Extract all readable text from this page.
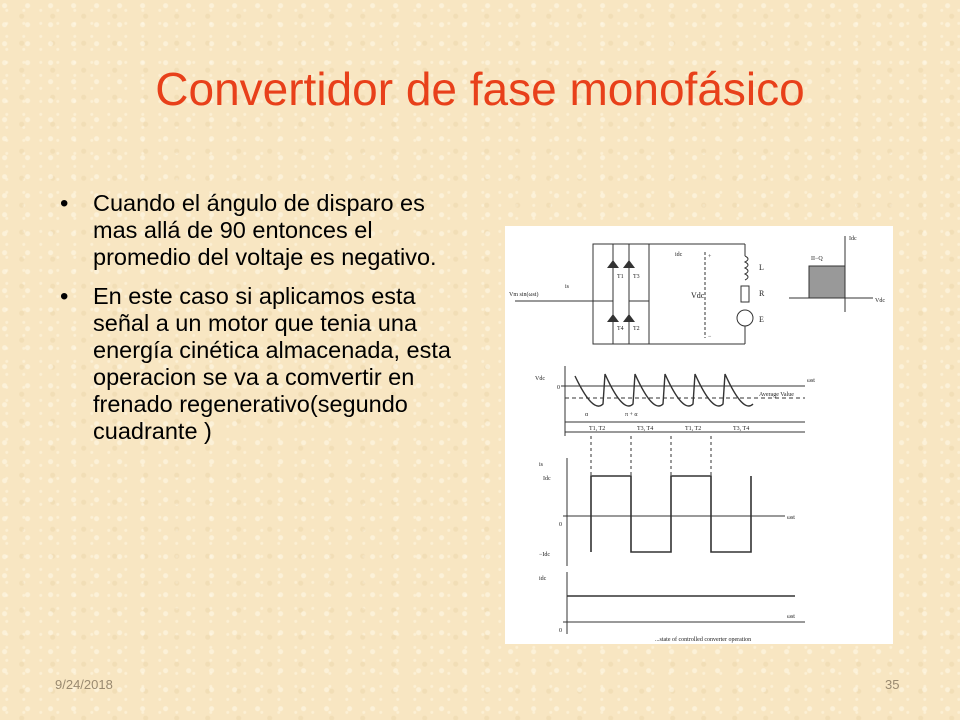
Convertidor de fase monofásico
• Cuando el ángulo de disparo es mas allá de 90 entonces el promedio del voltaje es negativo.
• En este caso si aplicamos esta señal a un motor que tenia una energía cinética almacenada, esta operacion se va a comvertir en frenado regenerativo(segundo cuadrante )
T1 T3
T4 T2
Vm sin(ωst)
is
idc
Vdc
+
−
L
R
E
Idc
Vdc
II−Q
Vdc	ωst
0
Average Value
α	π + α
T1, T2	T3, T4	T1, T2	T3, T4
is
Idc
0
−Idc
ωst
idc
0
ωst
...state of controlled converter operation
9/24/2018	35
